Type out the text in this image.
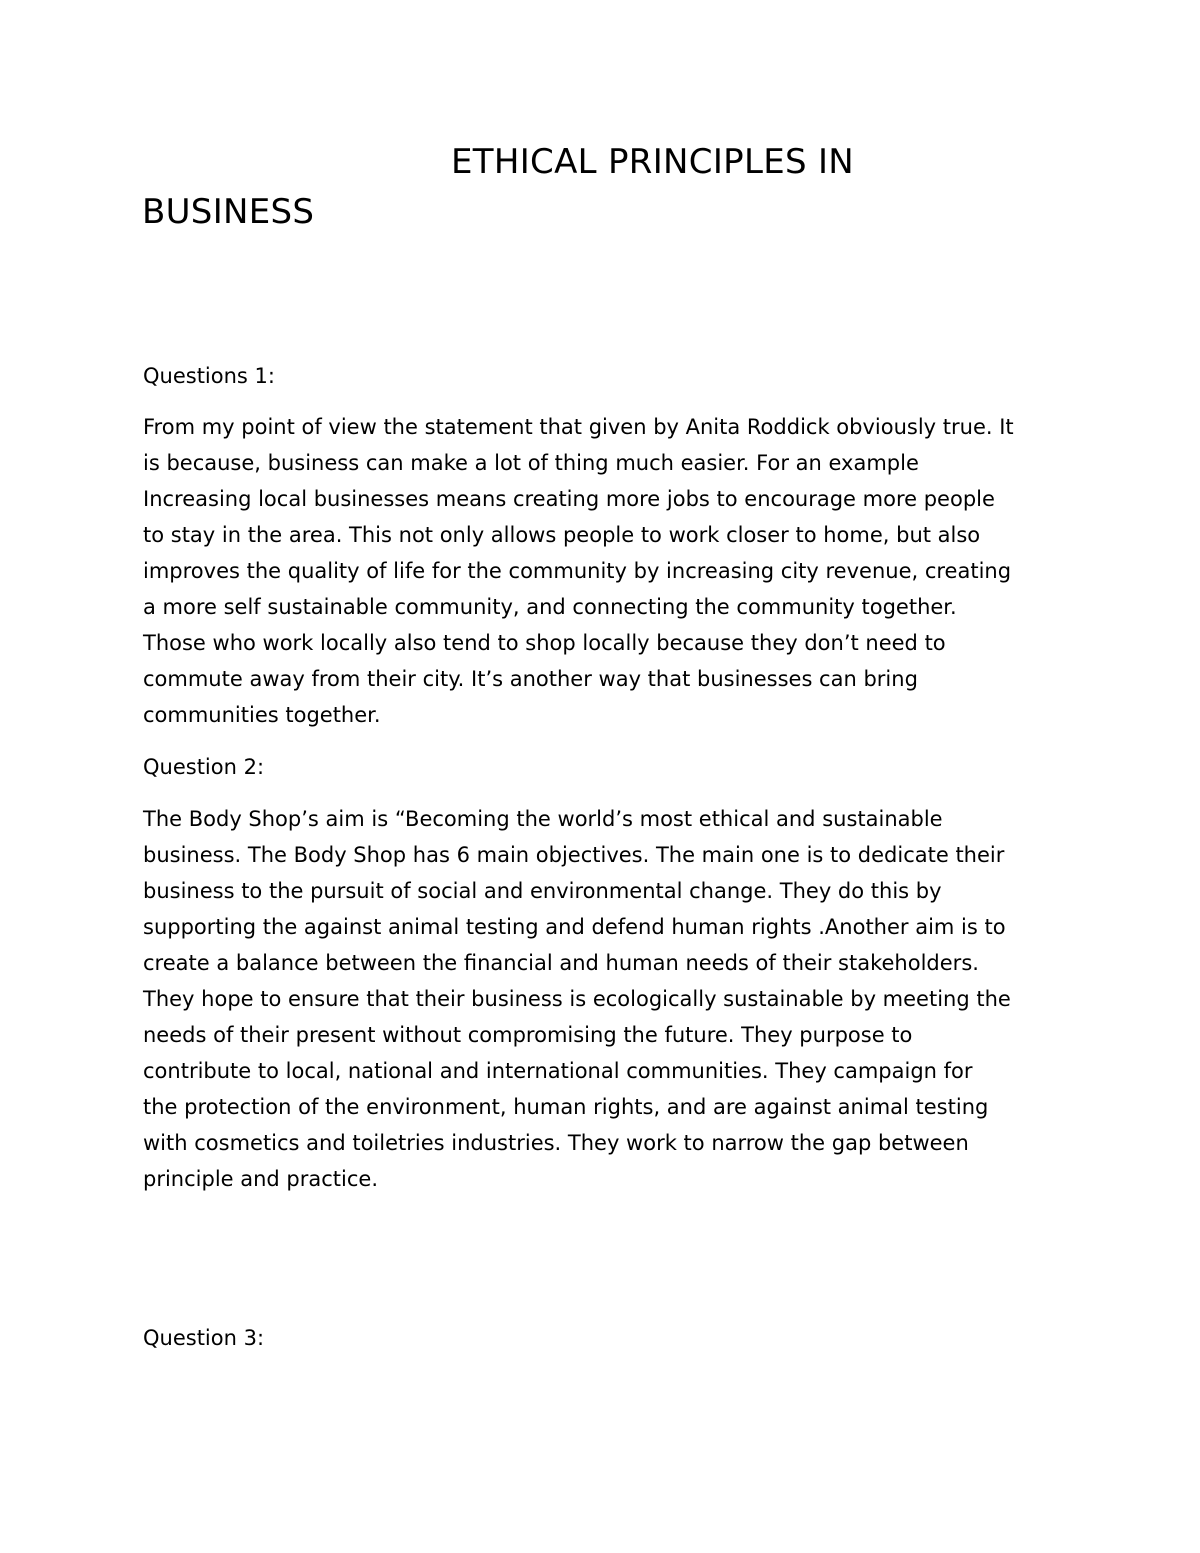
ETHICAL PRINCIPLES IN
BUSINESS
Questions 1:
From my point of view the statement that given by Anita Roddick obviously true. It
is because, business can make a lot of thing much easier. For an example
Increasing local businesses means creating more jobs to encourage more people
to stay in the area. This not only allows people to work closer to home, but also
improves the quality of life for the community by increasing city revenue, creating
a more self sustainable community, and connecting the community together.
Those who work locally also tend to shop locally because they don’t need to
commute away from their city. It’s another way that businesses can bring
communities together.
Question 2:
The Body Shop’s aim is “Becoming the world’s most ethical and sustainable
business. The Body Shop has 6 main objectives. The main one is to dedicate their
business to the pursuit of social and environmental change. They do this by
supporting the against animal testing and defend human rights .Another aim is to
create a balance between the financial and human needs of their stakeholders.
They hope to ensure that their business is ecologically sustainable by meeting the
needs of their present without compromising the future. They purpose to
contribute to local, national and international communities. They campaign for
the protection of the environment, human rights, and are against animal testing
with cosmetics and toiletries industries. They work to narrow the gap between
principle and practice.
Question 3:
